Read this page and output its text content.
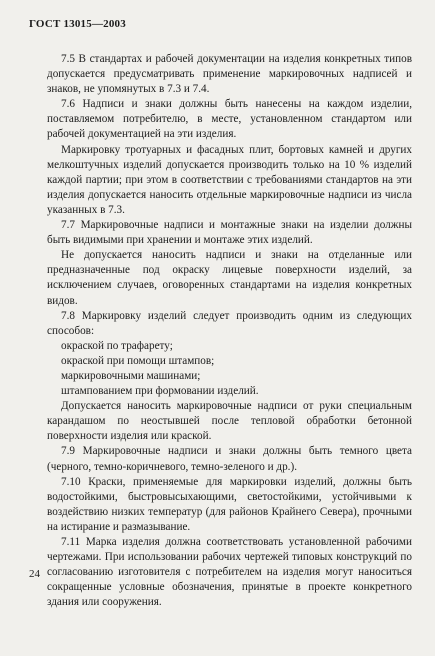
ГОСТ 13015—2003

7.5 В стандартах и рабочей документации на изделия конкретных типов допускается предусматривать применение маркировочных надписей и знаков, не упомянутых в 7.3 и 7.4.

7.6 Надписи и знаки должны быть нанесены на каждом изделии, поставляемом потребителю, в месте, установленном стандартом или рабочей документацией на эти изделия.

Маркировку тротуарных и фасадных плит, бортовых камней и других мелкоштучных изделий допускается производить только на 10 % изделий каждой партии; при этом в соответствии с требованиями стандартов на эти изделия допускается наносить отдельные маркировочные надписи из числа указанных в 7.3.

7.7 Маркировочные надписи и монтажные знаки на изделии должны быть видимыми при хранении и монтаже этих изделий.

Не допускается наносить надписи и знаки на отделанные или предназначенные под окраску лицевые поверхности изделий, за исключением случаев, оговоренных стандартами на изделия конкретных видов.

7.8 Маркировку изделий следует производить одним из следующих способов:

окраской по трафарету;

окраской при помощи штампов;

маркировочными машинами;

штампованием при формовании изделий.

Допускается наносить маркировочные надписи от руки специальным карандашом по неостывшей после тепловой обработки бетонной поверхности изделия или краской.

7.9 Маркировочные надписи и знаки должны быть темного цвета (черного, темно-коричневого, темно-зеленого и др.).

7.10 Краски, применяемые для маркировки изделий, должны быть водостойкими, быстровысыхающими, светостойкими, устойчивыми к воздействию низких температур (для районов Крайнего Севера), прочными на истирание и размазывание.

7.11 Марка изделия должна соответствовать установленной рабочими чертежами. При использовании рабочих чертежей типовых конструкций по согласованию изготовителя с потребителем на изделия могут наноситься сокращенные условные обозначения, принятые в проекте конкретного здания или сооружения.

24
